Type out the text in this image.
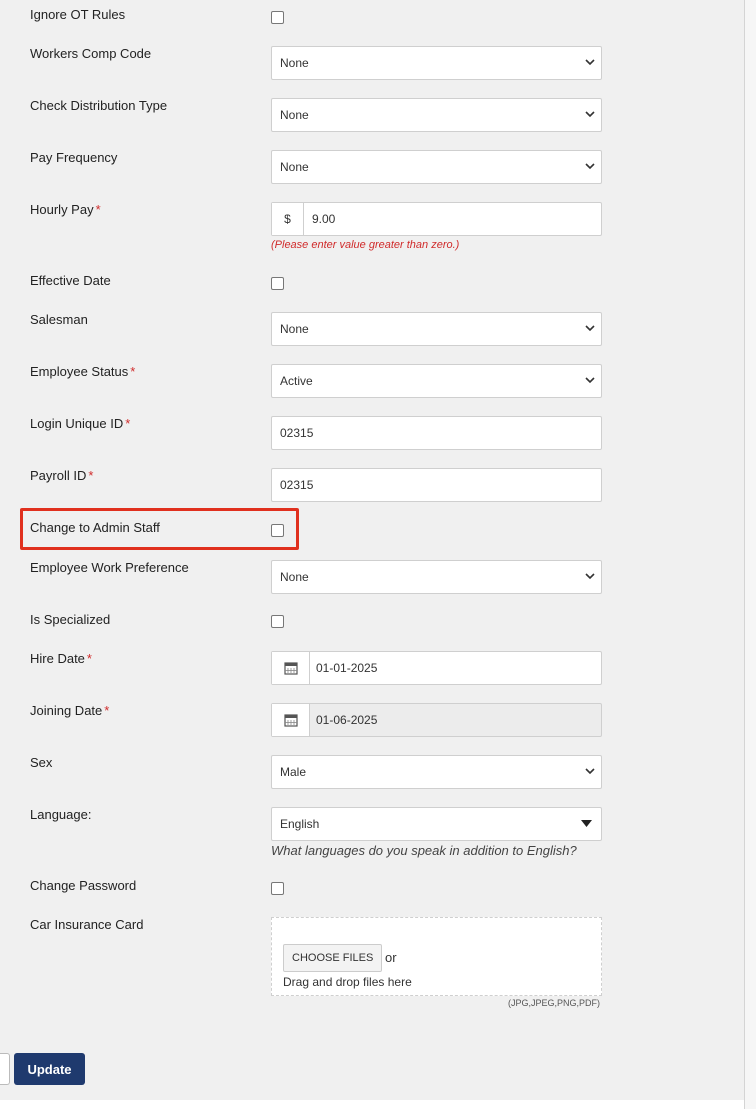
Ignore OT Rules
Workers Comp Code
None
Check Distribution Type
None
Pay Frequency
None
Hourly Pay *
$ 9.00
(Please enter value greater than zero.)
Effective Date
Salesman
None
Employee Status *
Active
Login Unique ID *
02315
Payroll ID *
02315
Change to Admin Staff
Employee Work Preference
None
Is Specialized
Hire Date *
01-01-2025
Joining Date *
01-06-2025
Sex
Male
Language:
English
What languages do you speak in addition to English?
Change Password
Car Insurance Card
CHOOSE FILES or
Drag and drop files here
(JPG,JPEG,PNG,PDF)
Update
